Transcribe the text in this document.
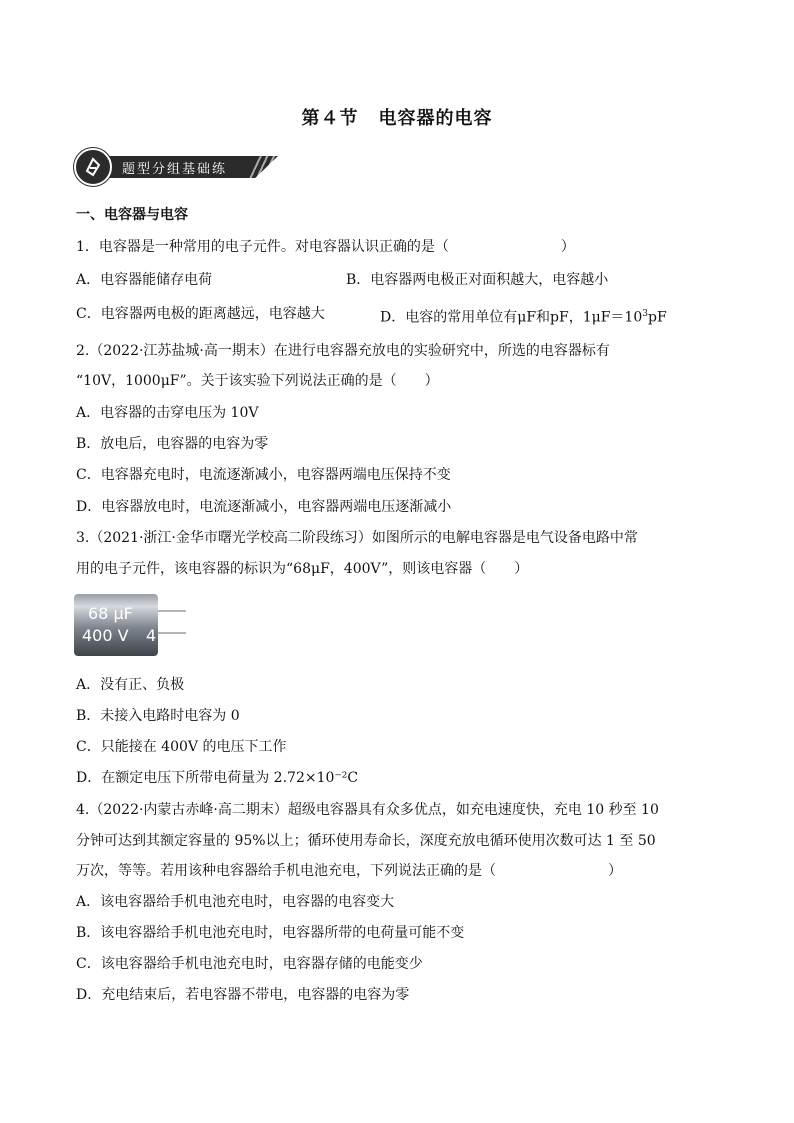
第４节 电容器的电容
题型分组基础练
一、电容器与电容
1．电容器是一种常用的电子元件。对电容器认识正确的是（	）
A．电容器能储存电荷	B．电容器两电极正对面积越大，电容越小
C．电容器两电极的距离越远，电容越大	D．电容的常用单位有μF和pF，$1\mu F=10^3pF$
2.（2022·江苏盐城·高一期末）在进行电容器充放电的实验研究中，所选的电容器标有
“10V，1000μF”。关于该实验下列说法正确的是（　　）
A．电容器的击穿电压为 10V
B．放电后，电容器的电容为零
C．电容器充电时，电流逐渐减小，电容器两端电压保持不变
D．电容器放电时，电流逐渐减小，电容器两端电压逐渐减小
3.（2021·浙江·金华市曙光学校高二阶段练习）如图所示的电解电容器是电气设备电路中常
用的电子元件，该电容器的标识为“68μF，400V”，则该电容器（　　）
68 μF
400 V 4
A．没有正、负极
B．未接入电路时电容为 0
C．只能接在 400V 的电压下工作
D．在额定电压下所带电荷量为 2.72×10⁻²C
4.（2022·内蒙古赤峰·高二期末）超级电容器具有众多优点，如充电速度快，充电 10 秒至 10
分钟可达到其额定容量的 95%以上；循环使用寿命长，深度充放电循环使用次数可达 1 至 50
万次，等等。若用该种电容器给手机电池充电，下列说法正确的是（	）
A．该电容器给手机电池充电时，电容器的电容变大
B．该电容器给手机电池充电时，电容器所带的电荷量可能不变
C．该电容器给手机电池充电时，电容器存储的电能变少
D．充电结束后，若电容器不带电，电容器的电容为零
